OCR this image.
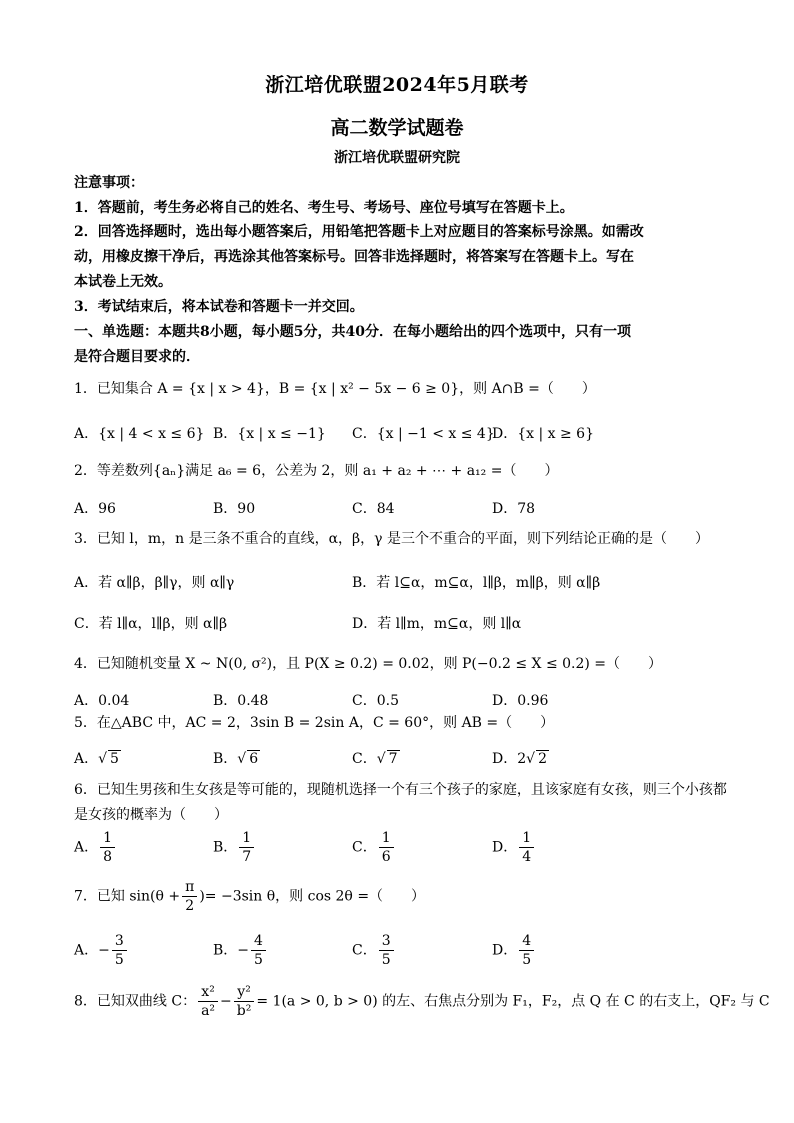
浙江培优联盟2024年5月联考
高二数学试题卷
浙江培优联盟研究院
注意事项：
1．答题前，考生务必将自己的姓名、考生号、考场号、座位号填写在答题卡上。
2．回答选择题时，选出每小题答案后，用铅笔把答题卡上对应题目的答案标号涂黑。如需改
动，用橡皮擦干净后，再选涂其他答案标号。回答非选择题时，将答案写在答题卡上。写在
本试卷上无效。
3．考试结束后，将本试卷和答题卡一并交回。
一、单选题：本题共8小题，每小题5分，共40分．在每小题给出的四个选项中，只有一项
是符合题目要求的．
1．已知集合 A = {x | x > 4}，B = {x | x² − 5x − 6 ≥ 0}，则 A∩B =（　　）
A．{x | 4 < x ≤ 6} B．{x | x ≤ −1} C．{x | −1 < x ≤ 4}
D．{x | x ≥ 6}
2．等差数列{aₙ}满足 a₆ = 6，公差为 2，则 a₁ + a₂ + ⋯ + a₁₂ =（　　）
A．96	B．90	C．84	D．78
3．已知 l，m，n 是三条不重合的直线，α，β，γ 是三个不重合的平面，则下列结论正确的是（　　）
A．若 α∥β，β∥γ，则 α∥γ	B．若 l⊆α，m⊆α，l∥β，m∥β，则 α∥β
C．若 l∥α，l∥β，则 α∥β	D．若 l∥m，m⊆α，则 l∥α
4．已知随机变量 X ~ N(0, σ²)，且 P(X ≥ 0.2) = 0.02，则 P(−0.2 ≤ X ≤ 0.2) =（　　）
A．0.04	B．0.48	C．0.5	D．0.96
5．在△ABC 中，AC = 2，3sin B = 2sin A，C = 60°，则 AB =（　　）
A．√ 5	B．√ 6	C．√ 7	D．2√ 2
6．已知生男孩和生女孩是等可能的，现随机选择一个有三个孩子的家庭，且该家庭有女孩，则三个小孩都
是女孩的概率为（　　）
A． $\frac{1}{8}$	B． $\frac{1}{7}$	C． $\frac{1}{6}$	D． $\frac{1}{4}$
7．已知 $\sin(\theta + \frac{\pi}{2}$ )= −3sin θ，则 cos 2θ =（　　）
A．− $\frac{3}{5}$	B．− $\frac{4}{5}$	C． $\frac{3}{5}$	D． $\frac{4}{5}$
8．已知双曲线 C： $\frac{\text{x²}}{\text{a²}} - \frac{\text{y²}}{\text{b²}} = 1(a > 0$, b > 0) 的左、右焦点分别为 F₁，F₂，点 Q 在 C 的右支上，QF₂ 与 C
